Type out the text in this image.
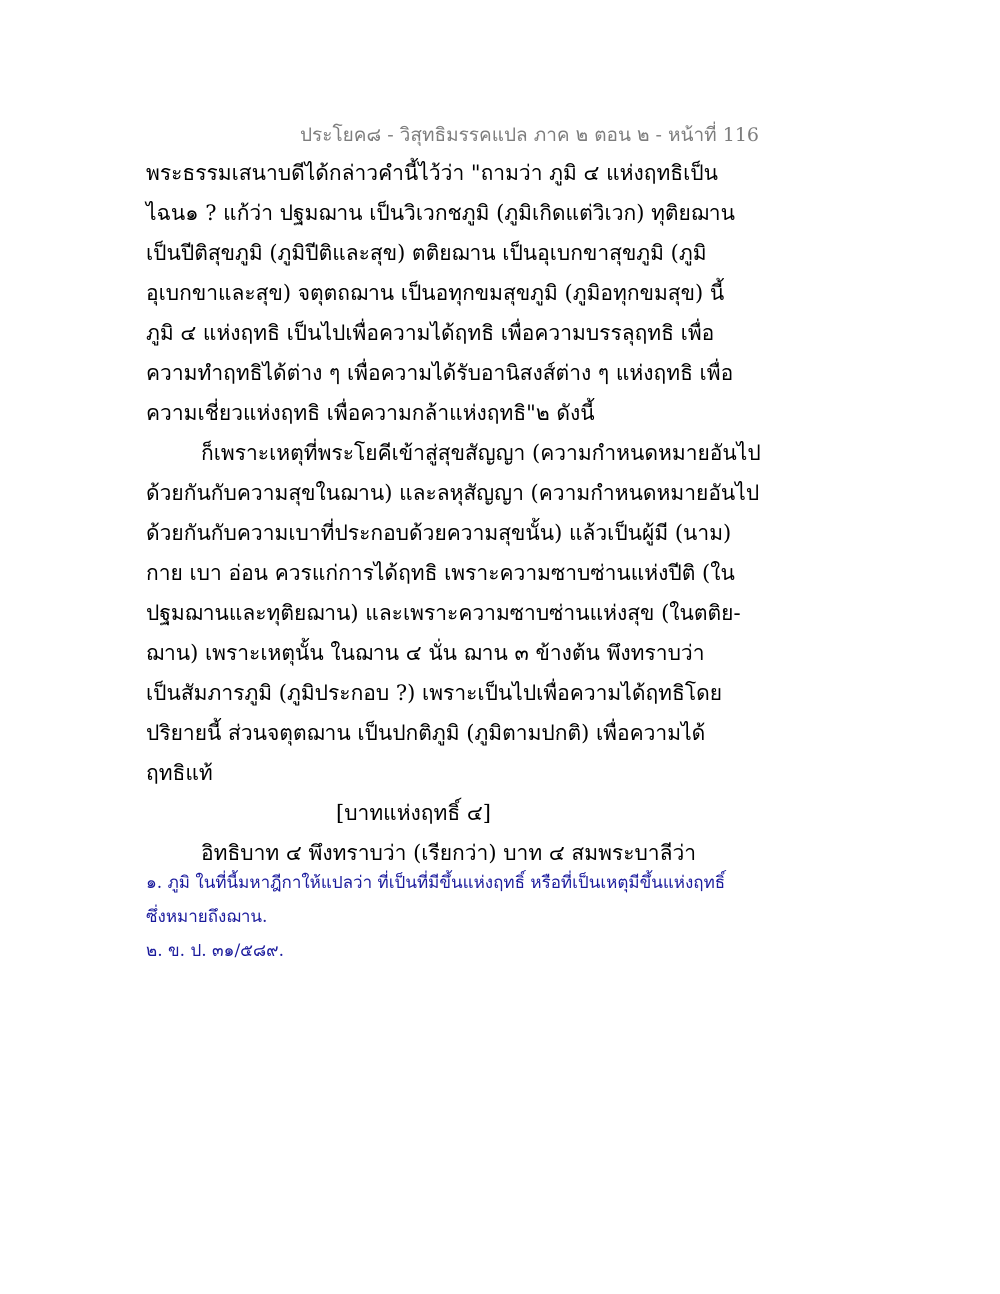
ประโยค๘ - วิสุทธิมรรคแปล ภาค ๒ ตอน ๒ - หน้าที่ 116
พระธรรมเสนาบดีได้กล่าวคำนี้ไว้ว่า "ถามว่า ภูมิ ๔ แห่งฤทธิเป็น
ไฉน๑ ? แก้ว่า ปฐมฌาน เป็นวิเวกชภูมิ (ภูมิเกิดแต่วิเวก) ทุติยฌาน
เป็นปีติสุขภูมิ (ภูมิปีติและสุข) ตติยฌาน เป็นอุเบกขาสุขภูมิ (ภูมิ
อุเบกขาและสุข) จตุตถฌาน เป็นอทุกขมสุขภูมิ (ภูมิอทุกขมสุข) นี้
ภูมิ ๔ แห่งฤทธิ เป็นไปเพื่อความได้ฤทธิ เพื่อความบรรลุฤทธิ เพื่อ
ความทำฤทธิได้ต่าง ๆ เพื่อความได้รับอานิสงส์ต่าง ๆ แห่งฤทธิ เพื่อ
ความเชี่ยวแห่งฤทธิ เพื่อความกล้าแห่งฤทธิ"๒ ดังนี้
ก็เพราะเหตุที่พระโยคีเข้าสู่สุขสัญญา (ความกำหนดหมายอันไป
ด้วยกันกับความสุขในฌาน) และลหุสัญญา (ความกำหนดหมายอันไป
ด้วยกันกับความเบาที่ประกอบด้วยความสุขนั้น) แล้วเป็นผู้มี (นาม)
กาย เบา อ่อน ควรแก่การได้ฤทธิ เพราะความซาบซ่านแห่งปีติ (ใน
ปฐมฌานและทุติยฌาน) และเพราะความซาบซ่านแห่งสุข (ในตติย-
ฌาน) เพราะเหตุนั้น ในฌาน ๔ นั่น ฌาน ๓ ข้างต้น พึงทราบว่า
เป็นสัมภารภูมิ (ภูมิประกอบ ?) เพราะเป็นไปเพื่อความได้ฤทธิโดย
ปริยายนี้ ส่วนจตุตฌาน เป็นปกติภูมิ (ภูมิตามปกติ) เพื่อความได้
ฤทธิแท้
[บาทแห่งฤทธิ์ ๔]
อิทธิบาท ๔ พึงทราบว่า (เรียกว่า) บาท ๔ สมพระบาลีว่า
๑. ภูมิ ในที่นี้มหาฎีกาให้แปลว่า ที่เป็นที่มีขึ้นแห่งฤทธิ์ หรือที่เป็นเหตุมีขึ้นแห่งฤทธิ์
ซึ่งหมายถึงฌาน.
๒. ข. ป. ๓๑/๕๘๙.
